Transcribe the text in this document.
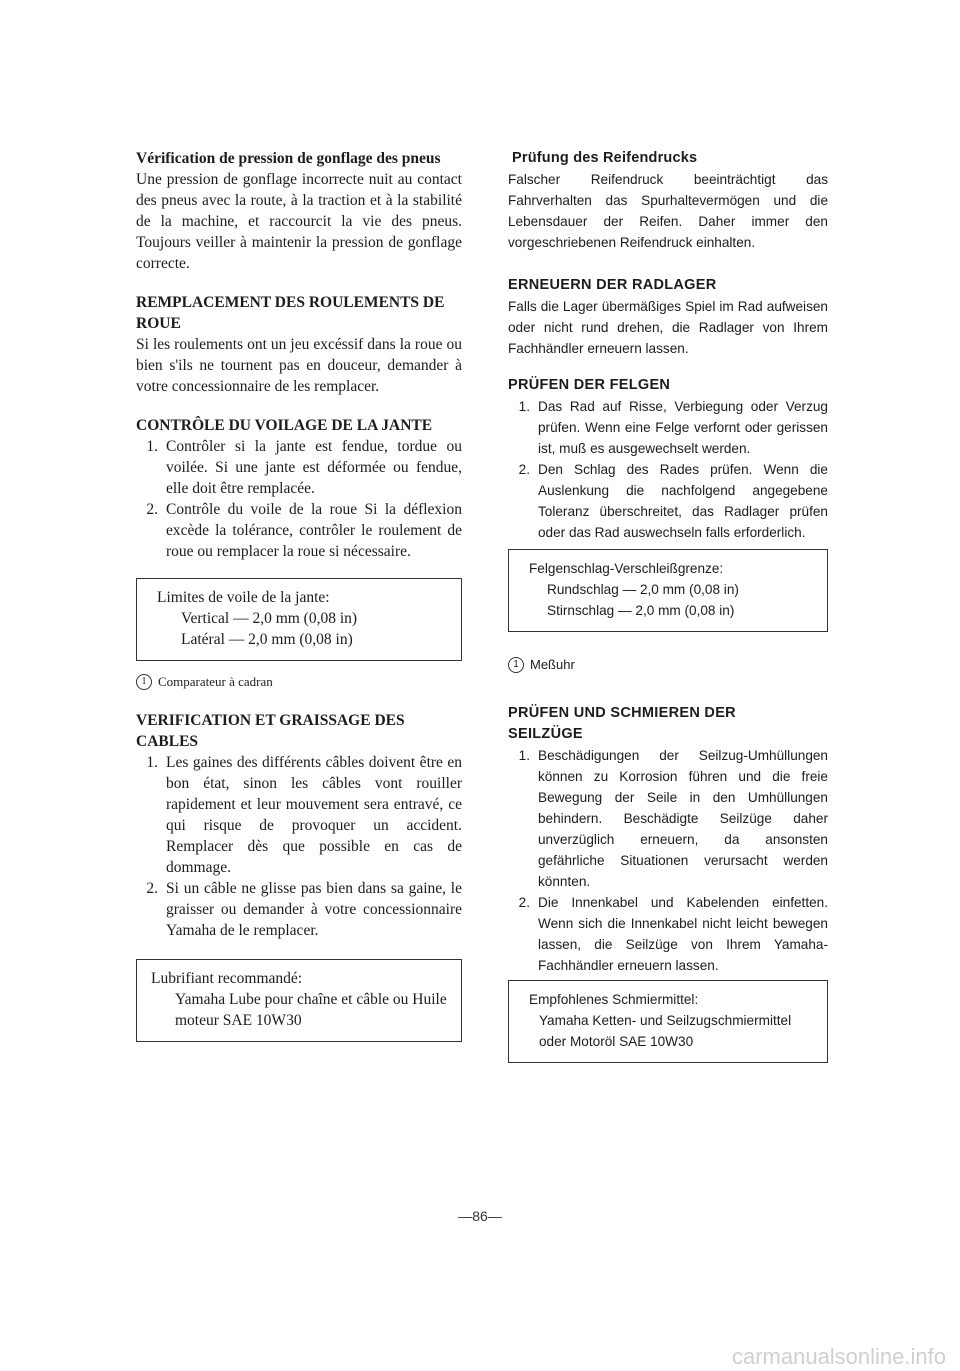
Vérification de pression de gonflage des pneus

Une pression de gonflage incorrecte nuit au contact des pneus avec la route, à la traction et à la stabilité de la machine, et raccourcit la vie des pneus. Toujours veiller à maintenir la pression de gonflage correcte.

REMPLACEMENT DES ROULEMENTS DE ROUE

Si les roulements ont un jeu excéssif dans la roue ou bien s'ils ne tournent pas en douceur, demander à votre concessionnaire de les remplacer.

CONTRÔLE DU VOILAGE DE LA JANTE

1. Contrôler si la jante est fendue, tordue ou voilée. Si une jante est déformée ou fendue, elle doit être remplacée.
2. Contrôle du voile de la roue Si la déflexion excède la tolérance, contrôler le roulement de roue ou remplacer la roue si nécessaire.

Limites de voile de la jante:

Vertical — 2,0 mm (0,08 in)

Latéral — 2,0 mm (0,08 in)

1 Comparateur à cadran

VERIFICATION ET GRAISSAGE DES CABLES

1. Les gaines des différents câbles doivent être en bon état, sinon les câbles vont rouiller rapidement et leur mouvement sera entravé, ce qui risque de provoquer un accident. Remplacer dès que possible en cas de dommage.
2. Si un câble ne glisse pas bien dans sa gaine, le graisser ou demander à votre concessionnaire Yamaha de le remplacer.

Lubrifiant recommandé:

Yamaha Lube pour chaîne et câble ou Huile moteur SAE 10W30

Prüfung des Reifendrucks

Falscher Reifendruck beeinträchtigt das Fahrverhalten das Spurhaltevermögen und die Lebensdauer der Reifen. Daher immer den vorgeschriebenen Reifendruck einhalten.

ERNEUERN DER RADLAGER

Falls die Lager übermäßiges Spiel im Rad aufweisen oder nicht rund drehen, die Radlager von Ihrem Fachhändler erneuern lassen.

PRÜFEN DER FELGEN

1. Das Rad auf Risse, Verbiegung oder Verzug prüfen. Wenn eine Felge verfornt oder gerissen ist, muß es ausgewechselt werden.
2. Den Schlag des Rades prüfen. Wenn die Auslenkung die nachfolgend angegebene Toleranz überschreitet, das Radlager prüfen oder das Rad auswechseln falls erforderlich.

Felgenschlag-Verschleißgrenze:

Rundschlag — 2,0 mm (0,08 in)

Stirnschlag — 2,0 mm (0,08 in)

1 Meßuhr

PRÜFEN UND SCHMIEREN DER SEILZÜGE

1. Beschädigungen der Seilzug-Umhüllungen können zu Korrosion führen und die freie Bewegung der Seile in den Umhüllungen behindern. Beschädigte Seilzüge daher unverzüglich erneuern, da ansonsten gefährliche Situationen verursacht werden könnten.
2. Die Innenkabel und Kabelenden einfetten. Wenn sich die Innenkabel nicht leicht bewegen lassen, die Seilzüge von Ihrem Yamaha-Fachhändler erneuern lassen.

Empfohlenes Schmiermittel:

Yamaha Ketten- und Seilzugschmiermittel oder Motoröl SAE 10W30

—86—
carmanualsonline.info
